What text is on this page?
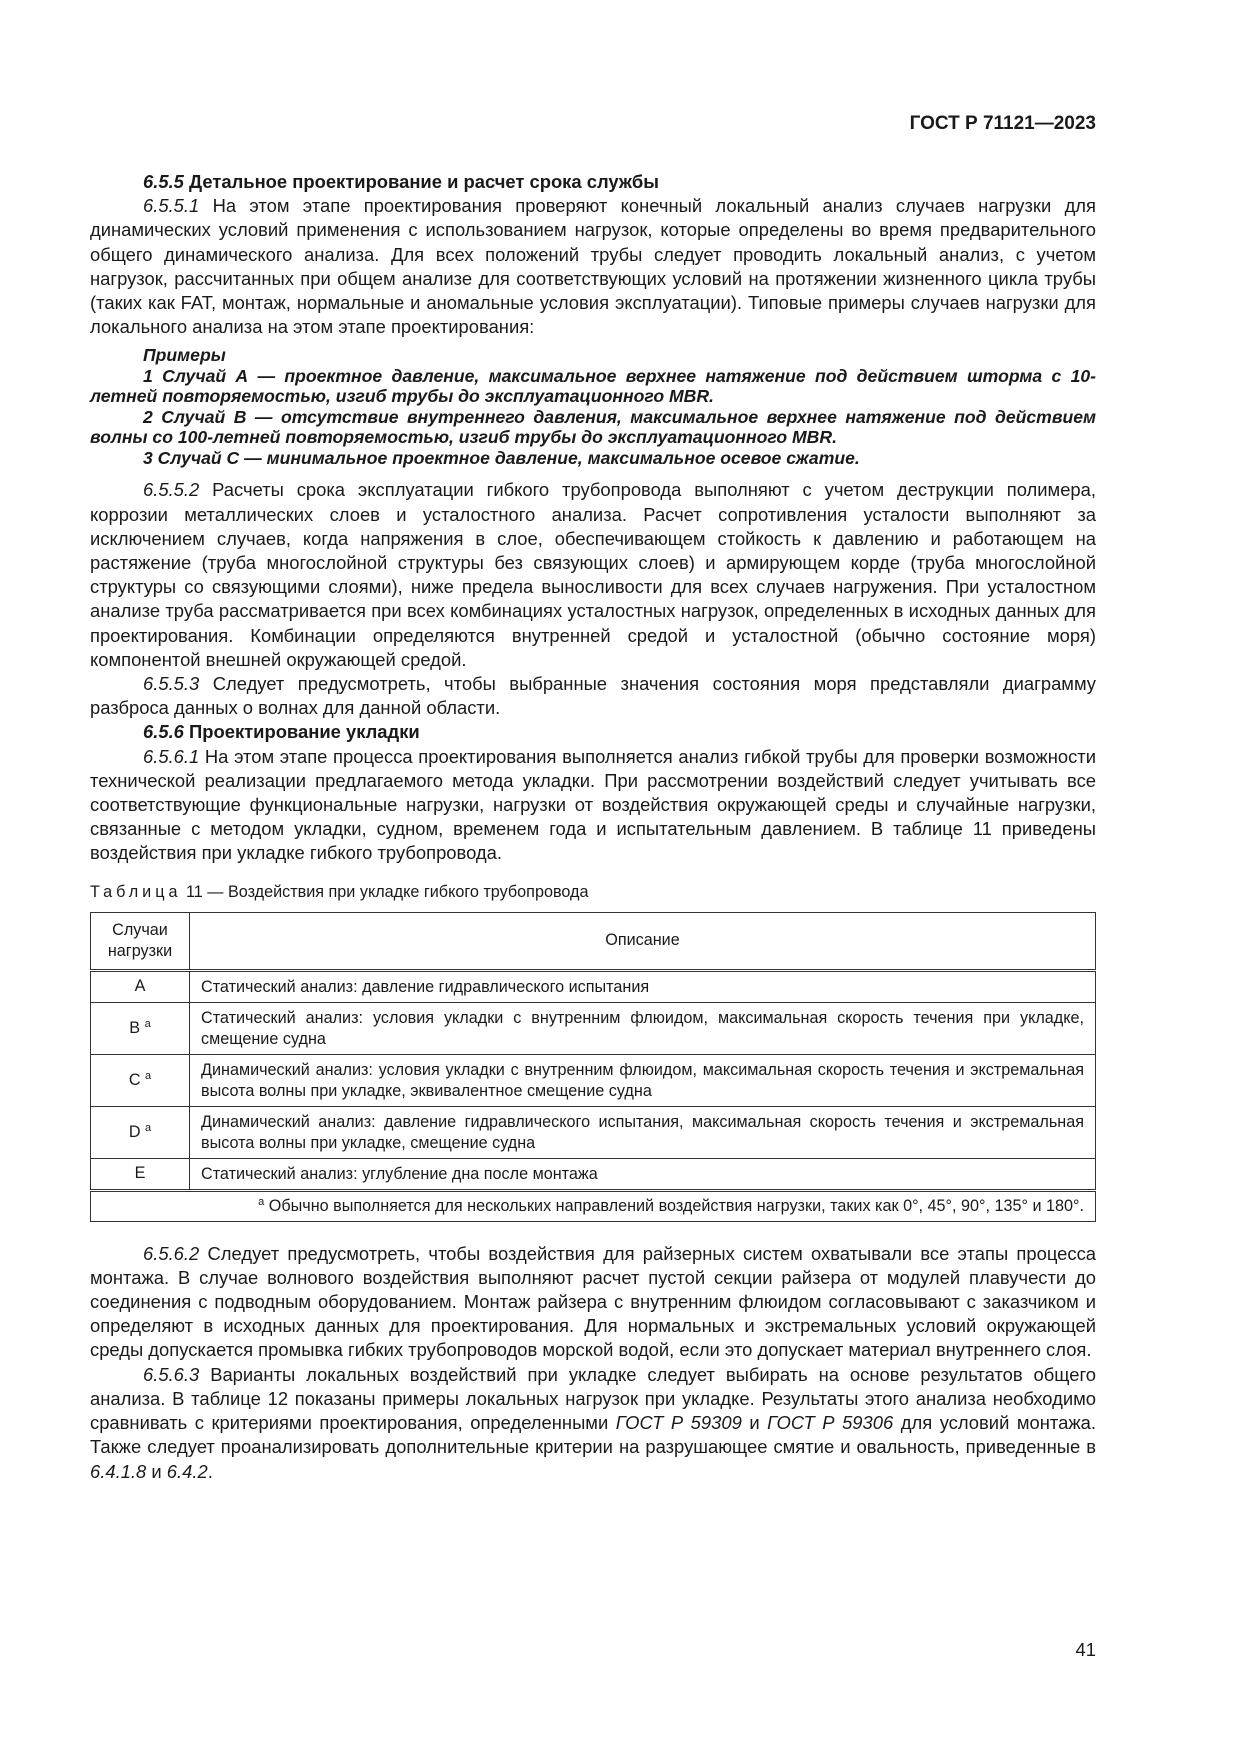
ГОСТ Р 71121—2023

6.5.5 Детальное проектирование и расчет срока службы

6.5.5.1 На этом этапе проектирования проверяют конечный локальный анализ случаев нагрузки для динамических условий применения с использованием нагрузок, которые определены во время предварительного общего динамического анализа. Для всех положений трубы следует проводить локальный анализ, с учетом нагрузок, рассчитанных при общем анализе для соответствующих условий на протяжении жизненного цикла трубы (таких как FAT, монтаж, нормальные и аномальные условия эксплуатации). Типовые примеры случаев нагрузки для локального анализа на этом этапе проектирования:

Примеры

1 Случай А — проектное давление, максимальное верхнее натяжение под действием шторма с 10-летней повторяемостью, изгиб трубы до эксплуатационного MBR.

2 Случай В — отсутствие внутреннего давления, максимальное верхнее натяжение под действием волны со 100-летней повторяемостью, изгиб трубы до эксплуатационного MBR.

3 Случай С — минимальное проектное давление, максимальное осевое сжатие.

6.5.5.2 Расчеты срока эксплуатации гибкого трубопровода выполняют с учетом деструкции полимера, коррозии металлических слоев и усталостного анализа. Расчет сопротивления усталости выполняют за исключением случаев, когда напряжения в слое, обеспечивающем стойкость к давлению и работающем на растяжение (труба многослойной структуры без связующих слоев) и армирующем корде (труба многослойной структуры со связующими слоями), ниже предела выносливости для всех случаев нагружения. При усталостном анализе труба рассматривается при всех комбинациях усталостных нагрузок, определенных в исходных данных для проектирования. Комбинации определяются внутренней средой и усталостной (обычно состояние моря) компонентой внешней окружающей средой.

6.5.5.3 Следует предусмотреть, чтобы выбранные значения состояния моря представляли диаграмму разброса данных о волнах для данной области.

6.5.6 Проектирование укладки

6.5.6.1 На этом этапе процесса проектирования выполняется анализ гибкой трубы для проверки возможности технической реализации предлагаемого метода укладки. При рассмотрении воздействий следует учитывать все соответствующие функциональные нагрузки, нагрузки от воздействия окружающей среды и случайные нагрузки, связанные с методом укладки, судном, временем года и испытательным давлением. В таблице 11 приведены воздействия при укладке гибкого трубопровода.

Таблица 11 — Воздействия при укладке гибкого трубопровода
Случаи
нагрузки	Описание
А	Статический анализ: давление гидравлического испытания
В $^а$	Статический анализ: условия укладки с внутренним флюидом, максимальная скорость течения при укладке, смещение судна
С $^а$	Динамический анализ: условия укладки с внутренним флюидом, максимальная скорость течения и экстремальная высота волны при укладке, эквивалентное смещение судна
D $^а$	Динамический анализ: давление гидравлического испытания, максимальная скорость течения и экстремальная высота волны при укладке, смещение судна
Е	Статический анализ: углубление дна после монтажа
$^а$ Обычно выполняется для нескольких направлений воздействия нагрузки, таких как 0°, 45°, 90°, 135° и 180°.	

6.5.6.2 Следует предусмотреть, чтобы воздействия для райзерных систем охватывали все этапы процесса монтажа. В случае волнового воздействия выполняют расчет пустой секции райзера от модулей плавучести до соединения с подводным оборудованием. Монтаж райзера с внутренним флюидом согласовывают с заказчиком и определяют в исходных данных для проектирования. Для нормальных и экстремальных условий окружающей среды допускается промывка гибких трубопроводов морской водой, если это допускает материал внутреннего слоя.

6.5.6.3 Варианты локальных воздействий при укладке следует выбирать на основе результатов общего анализа. В таблице 12 показаны примеры локальных нагрузок при укладке. Результаты этого анализа необходимо сравнивать с критериями проектирования, определенными ГОСТ Р 59309 и ГОСТ Р 59306 для условий монтажа. Также следует проанализировать дополнительные критерии на разрушающее смятие и овальность, приведенные в 6.4.1.8 и 6.4.2.

41
